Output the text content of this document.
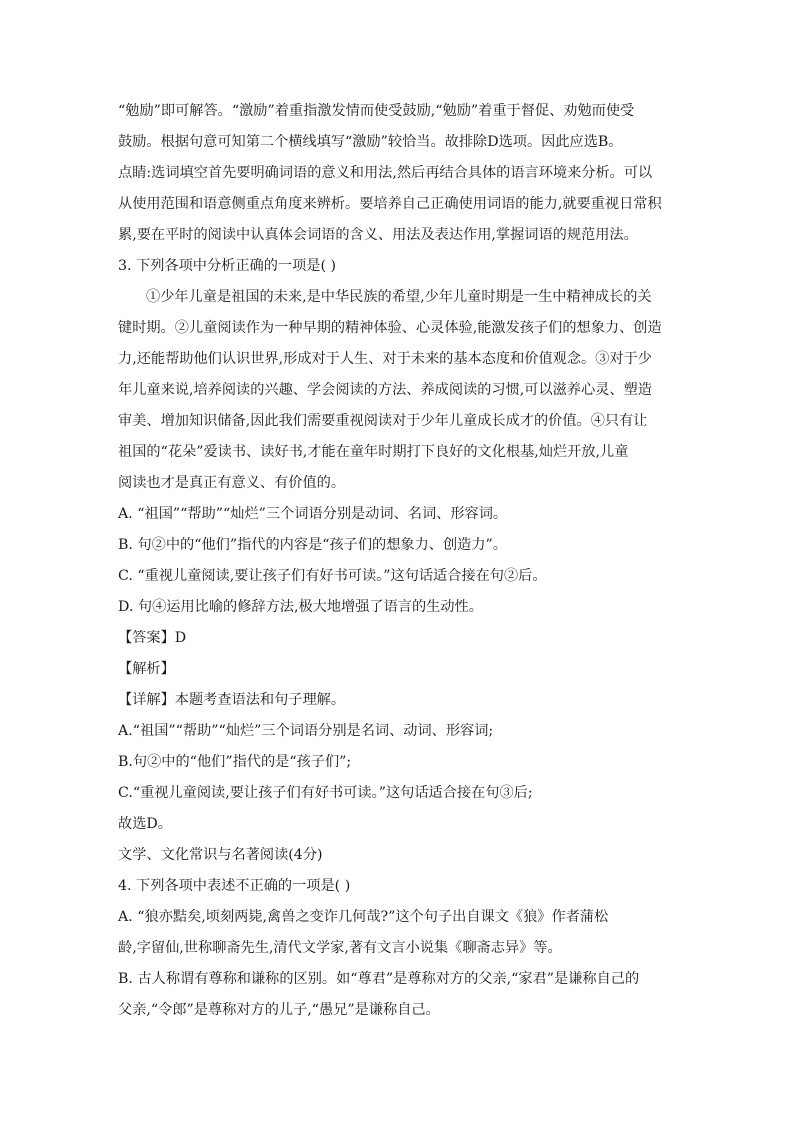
“勉励”即可解答。“激励”着重指激发情而使受鼓励,“勉励”着重于督促、劝勉而使受
鼓励。根据句意可知第二个横线填写“激励”较恰当。故排除D选项。因此应选B。
点睛:选词填空首先要明确词语的意义和用法,然后再结合具体的语言环境来分析。可以
从使用范围和语意侧重点角度来辨析。要培养自己正确使用词语的能力,就要重视日常积
累,要在平时的阅读中认真体会词语的含义、用法及表达作用,掌握词语的规范用法。
3. 下列各项中分析正确的一项是( )
①少年儿童是祖国的未来,是中华民族的希望,少年儿童时期是一生中精神成长的关
键时期。②儿童阅读作为一种早期的精神体验、心灵体验,能激发孩子们的想象力、创造
力,还能帮助他们认识世界,形成对于人生、对于未来的基本态度和价值观念。③对于少
年儿童来说,培养阅读的兴趣、学会阅读的方法、养成阅读的习惯,可以滋养心灵、塑造
审美、增加知识储备,因此我们需要重视阅读对于少年儿童成长成才的价值。④只有让
祖国的“花朵”爱读书、读好书,才能在童年时期打下良好的文化根基,灿烂开放,儿童
阅读也才是真正有意义、有价值的。
A. “祖国”“帮助”“灿烂”三个词语分别是动词、名词、形容词。
B. 句②中的“他们”指代的内容是“孩子们的想象力、创造力”。
C. “重视儿童阅读,要让孩子们有好书可读。”这句话适合接在句②后。
D. 句④运用比喻的修辞方法,极大地增强了语言的生动性。
【答案】D
【解析】
【详解】本题考查语法和句子理解。
A.“祖国”“帮助”“灿烂”三个词语分别是名词、动词、形容词;
B.句②中的“他们”指代的是“孩子们”;
C.“重视儿童阅读,要让孩子们有好书可读。”这句话适合接在句③后;
故选D。
文学、文化常识与名著阅读(4分)
4. 下列各项中表述不正确的一项是( )
A. “狼亦黠矣,顷刻两毙,禽兽之变诈几何哉?”这个句子出自课文《狼》作者蒲松
龄,字留仙,世称聊斋先生,清代文学家,著有文言小说集《聊斋志异》等。
B. 古人称谓有尊称和谦称的区别。如“尊君”是尊称对方的父亲,“家君”是谦称自己的
父亲,“令郎”是尊称对方的儿子,“愚兄”是谦称自己。
